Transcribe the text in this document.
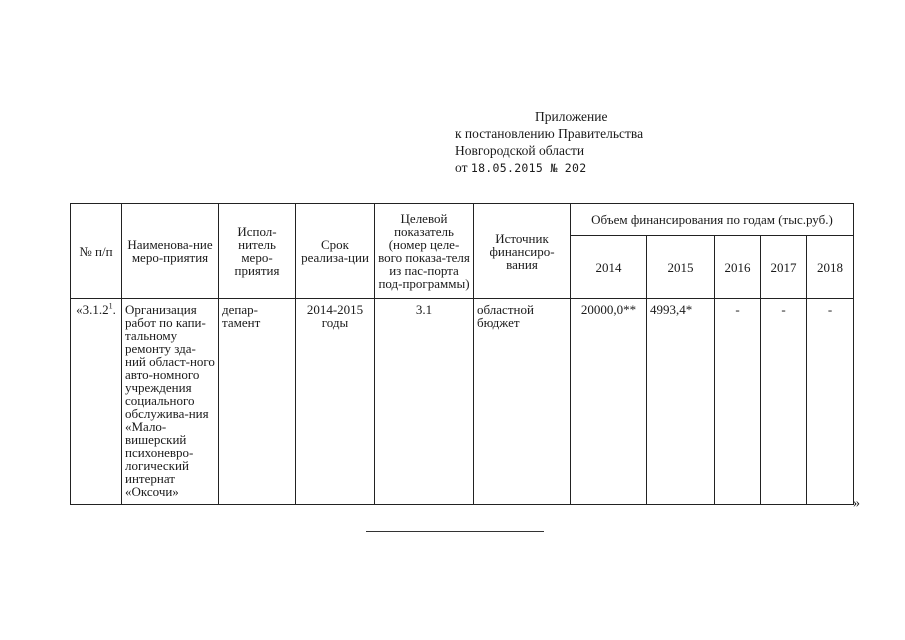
Приложение
к постановлению Правительства
Новгородской области
от 18.05.2015 № 202
№ п/п	Наименова-ние меро-приятия	Испол-нитель меро-приятия	Срок реализа-ции	Целевой показатель (номер целе-вого показа-теля из пас-порта под-программы)	Источник финансиро-вания	Объем финансирования по годам (тыс.руб.)				
						2014	2015	2016	2017	2018
«3.1.2$^1$.	Организация работ по капи-тальному ремонту зда-ний област-ного авто-номного учреждения социального обслужива-ния «Мало-вишерский психоневро-логический интернат «Оксочи»	депар-тамент	2014-2015 годы	3.1	областной бюджет	20000,0**	4993,4*	-	-	-
»
